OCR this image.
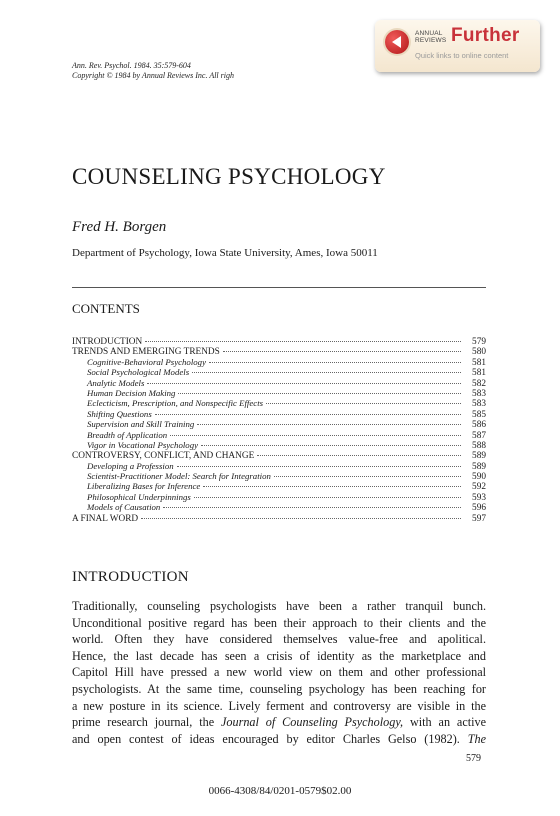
ANNUAL
REVIEWS Further
Quick links to online content
Ann. Rev. Psychol. 1984. 35:579-604
Copyright © 1984 by Annual Reviews Inc. All righ
COUNSELING PSYCHOLOGY
Fred H. Borgen
Department of Psychology, Iowa State University, Ames, Iowa 50011
CONTENTS
INTRODUCTION	579
TRENDS AND EMERGING TRENDS	580
Cognitive-Behavioral Psychology	581
Social Psychological Models	581
Analytic Models	582
Human Decision Making	583
Eclecticism, Prescription, and Nonspecific Effects	583
Shifting Questions	585
Supervision and Skill Training	586
Breadth of Application	587
Vigor in Vocational Psychology	588
CONTROVERSY, CONFLICT, AND CHANGE	589
Developing a Profession	589
Scientist-Practitioner Model: Search for Integration	590
Liberalizing Bases for Inference	592
Philosophical Underpinnings	593
Models of Causation	596
A FINAL WORD	597
INTRODUCTION
Traditionally, counseling psychologists have been a rather tranquil bunch.
Unconditional positive regard has been their approach to their clients and the
world. Often they have considered themselves value-free and apolitical.
Hence, the last decade has seen a crisis of identity as the marketplace and
Capitol Hill have pressed a new world view on them and other professional
psychologists. At the same time, counseling psychology has been reaching for
a new posture in its science. Lively ferment and controversy are visible in the
prime research journal, the Journal of Counseling Psychology, with an active
and open contest of ideas encouraged by editor Charles Gelso (1982). The
579
0066-4308/84/0201-0579$02.00
